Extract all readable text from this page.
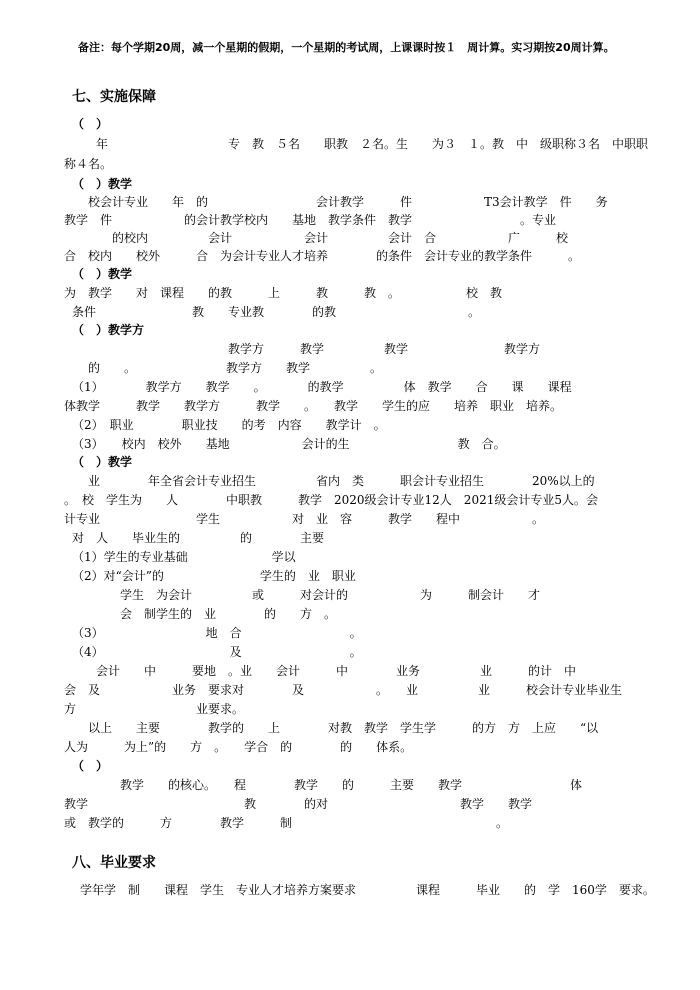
备注：每个学期20周，减一个星期的假期，一个星期的考试周，上课课时按１　周计算。实习期按20周计算。
七、实施保障
（　）
年　　　　　　　　　　专　教　５名　　职教　２名。生　　为３　１。教　中　级职称３名　中职职
称４名。
（　）教学
校会计专业　　年　的　　　　　　　　　会计教学　　　件　　　　　　T3会计教学　件　　务
教学　件　　　　　　的会计教学校内　　基地　教学条件　教学　　　　　　　　　。专业
的校内　　　　　会计　　　　　　会计　　　　　会计　合　　　　　　广　　　校
合　校内　　校外　　　合　为会计专业人才培养　　　　的条件　会计专业的教学条件　　　。
（　）教学
为　教学　　对　课程　　的教　　　上　　　教　　　教　。　　　　　　校　教
条件　　　　　　　　教　　专业教　　　　的教　　　　　　　　　　　。
（　）教学方
　　　　　　　　　　　　　教学方　　　教学　　　　　教学　　　　　　　　教学方
的　　。　　　　　　　　教学方　　教学　　　　　。
（1）　　　　教学方　　教学　　。　　　　的教学　　　　　体　教学　　合　　课　　课程
体教学　　　教学　　教学方　　　教学　　。　　教学　　学生的应　　培养　职业　培养。
（2）　职业　　　　职业技　　的考　内容　　教学计　。
（3）　　校内　校外　　基地　　　　　　会计的生　　　　　　　　　教　合。
（　）教学
业　　　　年全省会计专业招生　　　　　省内　类　　　职会计专业招生　　　　20%以上的
。　校　学生为　　人　　　　中职教　　　教学　2020级会计专业12人　2021级会计专业5人。会
计专业　　　　　　　　学生　　　　　　对　业　容　　　教学　　程中　　　　　　。
对　人　　毕业生的　　　　　的　　　　主要
（1）学生的专业基础　　　　　　　学以
（2）对“会计”的　　　　　　　　学生的　业　职业
　　学生　为会计　　　　　或　　　对会计的　　　　　　为　　　制会计　　才
　　会　制学生的　业　　　　的　　方　。
（3）　　　　　　　　　地　合　　　　　　　　　。
（4）　　　　　　　　　　　及　　　　　　　　　。
　　会计　　中　　　要地　。业　　会计　　　中　　　　业务　　　　　业　　　的计　中
会　及　　　　　　业务　要求对　　　　及　　　　　　。　　业　　　　　业　　　校会计专业毕业生
方　　　　　　　　　　业要求。
　　以上　　主要　　　　教学的　　上　　　　对教　教学　学生学　　　的方　方　上应　　“以
人为　　　为上”的　　方　。　　学合　的　　　　的　　体系。
（　）
　　教学　　的核心。　　程　　　　教学　　的　　　主要　　教学　　　　　　　　　体
教学　　　　　　　　　　　　　教　　　　的对　　　　　　　　　　　教学　　教学
或　教学的　　　方　　　　教学　　　制　　　　　　　　　　　　　　　　　。
八、毕业要求
学年学　制　　课程　学生　专业人才培养方案要求　　　　　课程　　　毕业　　的　学　160学　要求。
